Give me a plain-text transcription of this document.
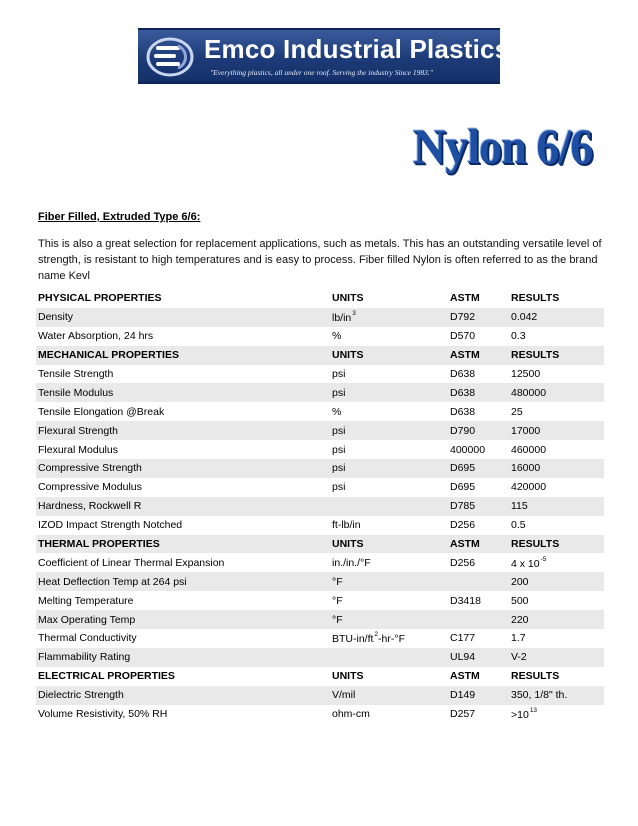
Emco Industrial Plastics, Inc.
"Everything plastics, all under one roof. Serving the industry Since 1983."
Nylon 6/6
Fiber Filled, Extruded Type 6/6:
This is also a great selection for replacement applications, such as metals. This has an outstanding versatile level of strength, is resistant to high temperatures and is easy to process. Fiber filled Nylon is often referred to as the brand name Kevl
PHYSICAL PROPERTIES	UNITS	ASTM	RESULTS
Density	$lb/in^3$	D792	0.042
Water Absorption, 24 hrs	%	D570	0.3
MECHANICAL PROPERTIES	UNITS	ASTM	RESULTS
Tensile Strength	psi	D638	12500
Tensile Modulus	psi	D638	480000
Tensile Elongation @Break	%	D638	25
Flexural Strength	psi	D790	17000
Flexural Modulus	psi	400000	460000
Compressive Strength	psi	D695	16000
Compressive Modulus	psi	D695	420000
Hardness, Rockwell R		D785	115
IZOD Impact Strength Notched	ft-lb/in	D256	0.5
THERMAL PROPERTIES	UNITS	ASTM	RESULTS
Coefficient of Linear Thermal Expansion	in./in./°F	D256	4 x $10^{-5}$
Heat Deflection Temp at 264 psi	°F		200
Melting Temperature	°F	D3418	500
Max Operating Temp	°F		220
Thermal Conductivity	BTU-$in/ft^2-hr-^\circ F$	C177	1.7
Flammability Rating		UL94	V-2
ELECTRICAL PROPERTIES	UNITS	ASTM	RESULTS
Dielectric Strength	V/mil	D149	350, 1/8" th.
Volume Resistivity, 50% RH	ohm-cm	D257	$>10^{13}$
